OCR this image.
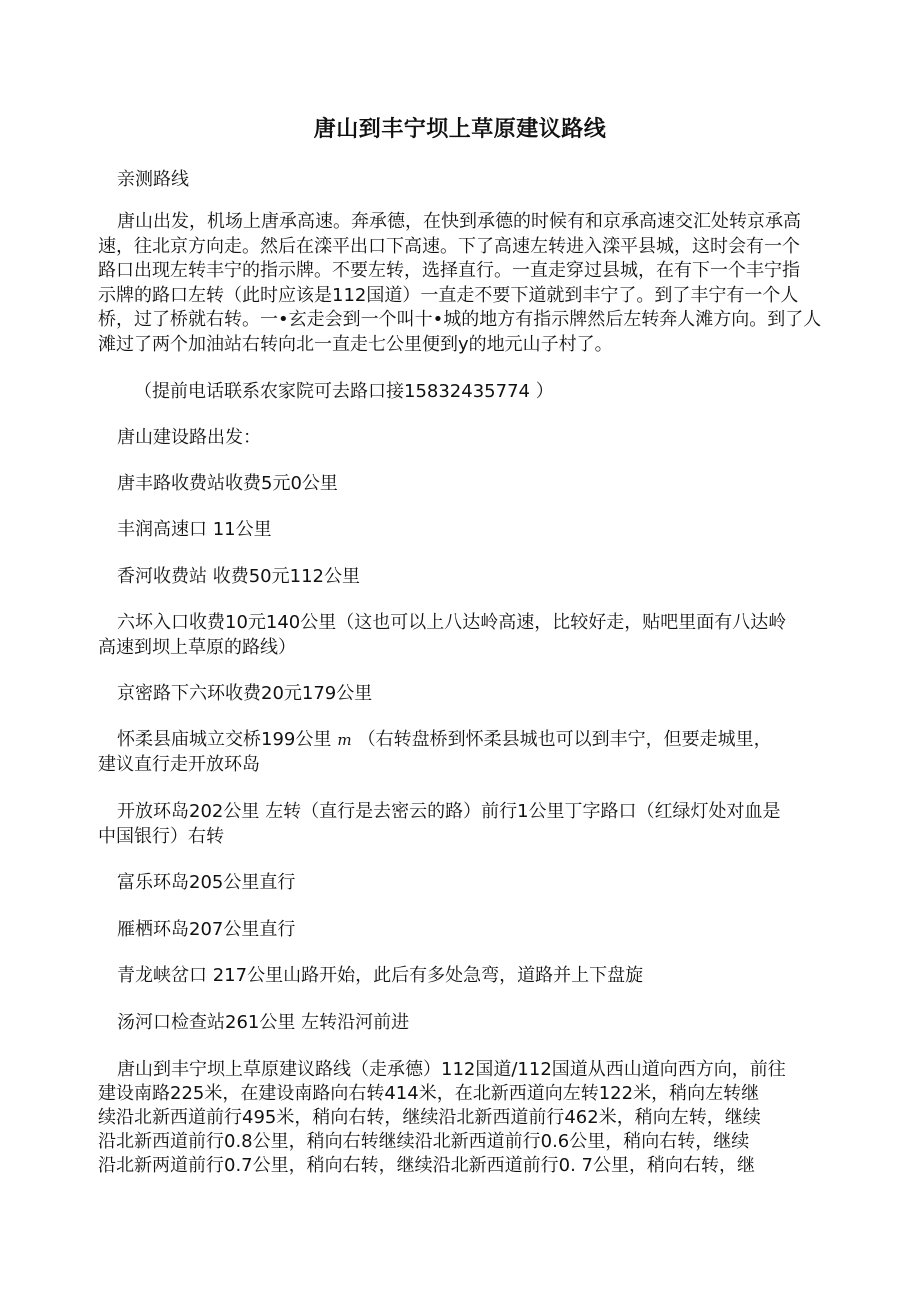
唐山到丰宁坝上草原建议路线
亲测路线
唐山出发，机场上唐承高速。奔承德，在快到承德的时候有和京承高速交汇处转京承高
速，往北京方向走。然后在滦平出口下高速。下了高速左转进入滦平县城，这时会有一个
路口出现左转丰宁的指示牌。不要左转，选择直行。一直走穿过县城，在有下一个丰宁指
示牌的路口左转（此时应该是112国道）一直走不要下道就到丰宁了。到了丰宁有一个人
桥，过了桥就右转。一•玄走会到一个叫十•城的地方有指示牌然后左转奔人滩方向。到了人
滩过了两个加油站右转向北一直走七公里便到y的地元山子村了。
（提前电话联系农家院可去路口接15832435774 ）
唐山建设路出发：
唐丰路收费站收费5元0公里
丰润高速口 11公里
香河收费站 收费50元112公里
六坏入口收费10元140公里（这也可以上八达岭高速，比较好走，贴吧里面有八达岭
高速到坝上草原的路线）
京密路下六环收费20元179公里
怀柔县庙城立交桥199公里 m （右转盘桥到怀柔县城也可以到丰宁，但要走城里，
建议直行走开放环岛
开放环岛202公里 左转（直行是去密云的路）前行1公里丁字路口（红绿灯处对血是
中国银行）右转
富乐环岛205公里直行
雁栖环岛207公里直行
青龙峡岔口 217公里山路开始，此后有多处急弯，道路并上下盘旋
汤河口检查站261公里 左转沿河前进
唐山到丰宁坝上草原建议路线（走承德）112国道/112国道从西山道向西方向，前往
建设南路225米，在建设南路向右转414米，在北新西道向左转122米，稍向左转继
续沿北新西道前行495米，稍向右转，继续沿北新西道前行462米，稍向左转，继续
沿北新西道前行0.8公里，稍向右转继续沿北新西道前行0.6公里，稍向右转，继续
沿北新两道前行0.7公里，稍向右转，继续沿北新西道前行0. 7公里，稍向右转，继
